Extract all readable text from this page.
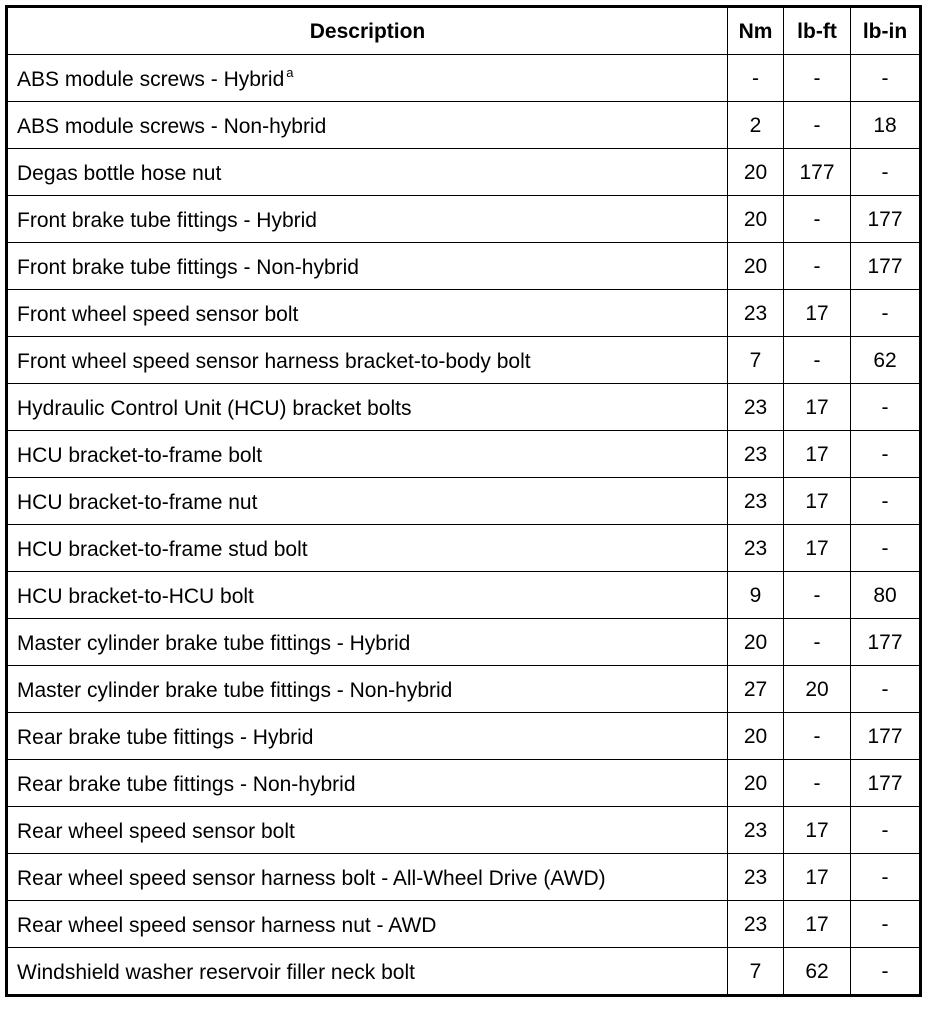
Description	Nm	lb-ft	lb-in
ABS module screws - Hybrid $^a$	-	-	-
ABS module screws - Non-hybrid	2	-	18
Degas bottle hose nut	20	177	-
Front brake tube fittings - Hybrid	20	-	177
Front brake tube fittings - Non-hybrid	20	-	177
Front wheel speed sensor bolt	23	17	-
Front wheel speed sensor harness bracket-to-body bolt	7	-	62
Hydraulic Control Unit (HCU) bracket bolts	23	17	-
HCU bracket-to-frame bolt	23	17	-
HCU bracket-to-frame nut	23	17	-
HCU bracket-to-frame stud bolt	23	17	-
HCU bracket-to-HCU bolt	9	-	80
Master cylinder brake tube fittings - Hybrid	20	-	177
Master cylinder brake tube fittings - Non-hybrid	27	20	-
Rear brake tube fittings - Hybrid	20	-	177
Rear brake tube fittings - Non-hybrid	20	-	177
Rear wheel speed sensor bolt	23	17	-
Rear wheel speed sensor harness bolt - All-Wheel Drive (AWD)	23	17	-
Rear wheel speed sensor harness nut - AWD	23	17	-
Windshield washer reservoir filler neck bolt	7	62	-
